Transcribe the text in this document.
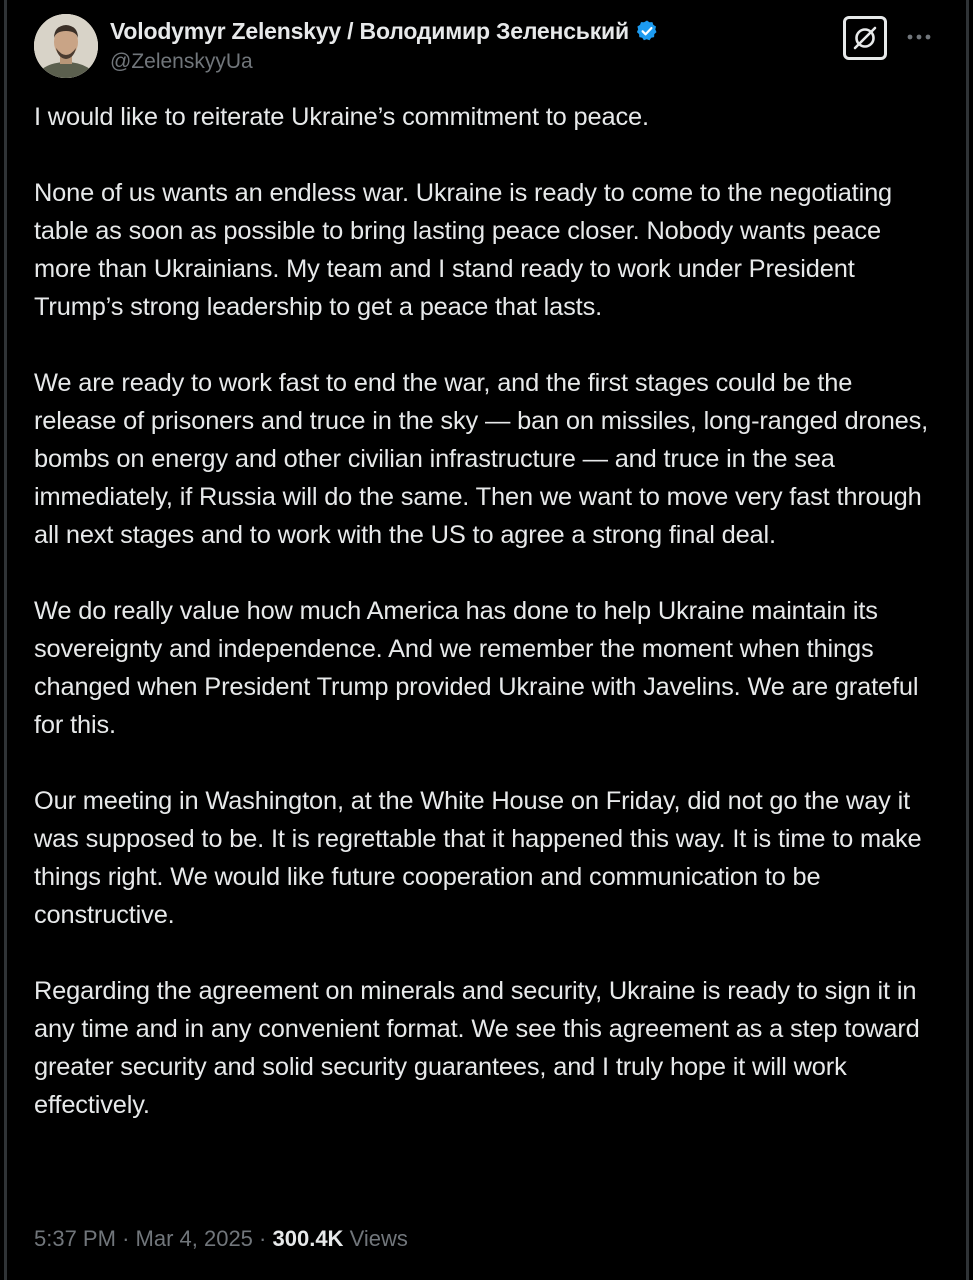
Volodymyr Zelenskyy / Володимир Зеленський
@ZelenskyyUa

I would like to reiterate Ukraine’s commitment to peace.

None of us wants an endless war. Ukraine is ready to come to the negotiating table as soon as possible to bring lasting peace closer. Nobody wants peace more than Ukrainians. My team and I stand ready to work under President Trump’s strong leadership to get a peace that lasts.

We are ready to work fast to end the war, and the first stages could be the release of prisoners and truce in the sky — ban on missiles, long-ranged drones, bombs on energy and other civilian infrastructure — and truce in the sea immediately, if Russia will do the same. Then we want to move very fast through all next stages and to work with the US to agree a strong final deal.

We do really value how much America has done to help Ukraine maintain its sovereignty and independence. And we remember the moment when things changed when President Trump provided Ukraine with Javelins. We are grateful for this.

Our meeting in Washington, at the White House on Friday, did not go the way it was supposed to be. It is regrettable that it happened this way. It is time to make things right. We would like future cooperation and communication to be constructive.

Regarding the agreement on minerals and security, Ukraine is ready to sign it in any time and in any convenient format. We see this agreement as a step toward greater security and solid security guarantees, and I truly hope it will work effectively.

5:37 PM · Mar 4, 2025 · 300.4K Views
